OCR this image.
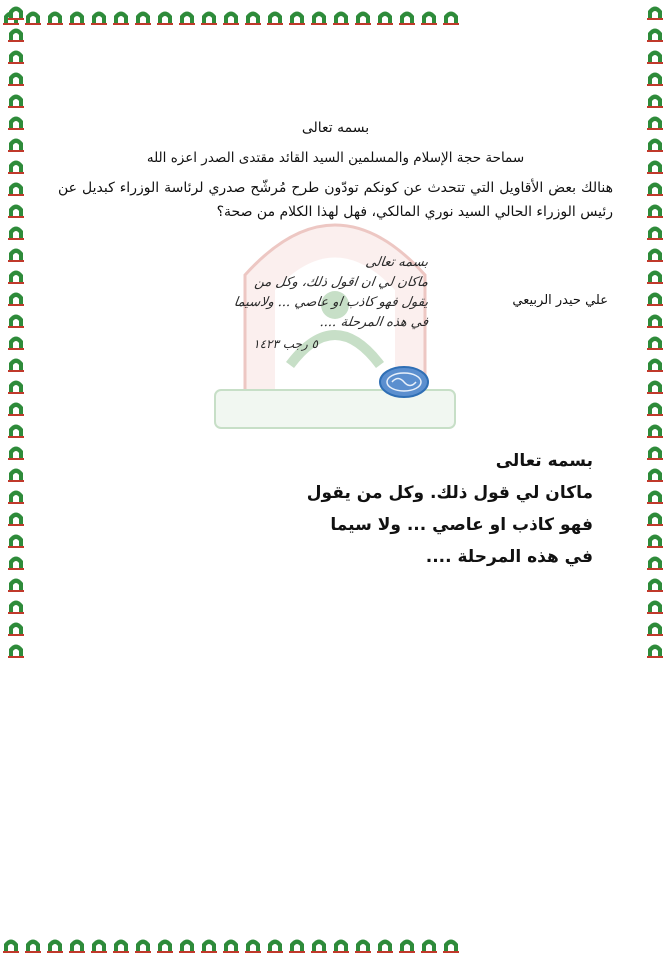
بسمه تعالى
سماحة حجة الإسلام والمسلمين السيد القائد مقتدى الصدر اعزه الله
هنالك بعض الأقاويل التي تتحدث عن كونكم تودّون طرح مُرشّح صدري لرئاسة الوزراء كبديل عن رئيس الوزراء الحالي السيد نوري المالكي، فهل لهذا الكلام من صحة؟
بسمه تعالى
ماكان لي ان اقول ذلك، وكل من
يقول فهو كاذب او عاصي ... ولاسيما
في هذه المرحلة ....
٥ رجب ١٤٢٣
علي حيدر الربيعي
بسمه تعالى
ماكان لي قول ذلك. وكل من يقول
فهو كاذب او عاصي ... ولا سيما
في هذه المرحلة ....
